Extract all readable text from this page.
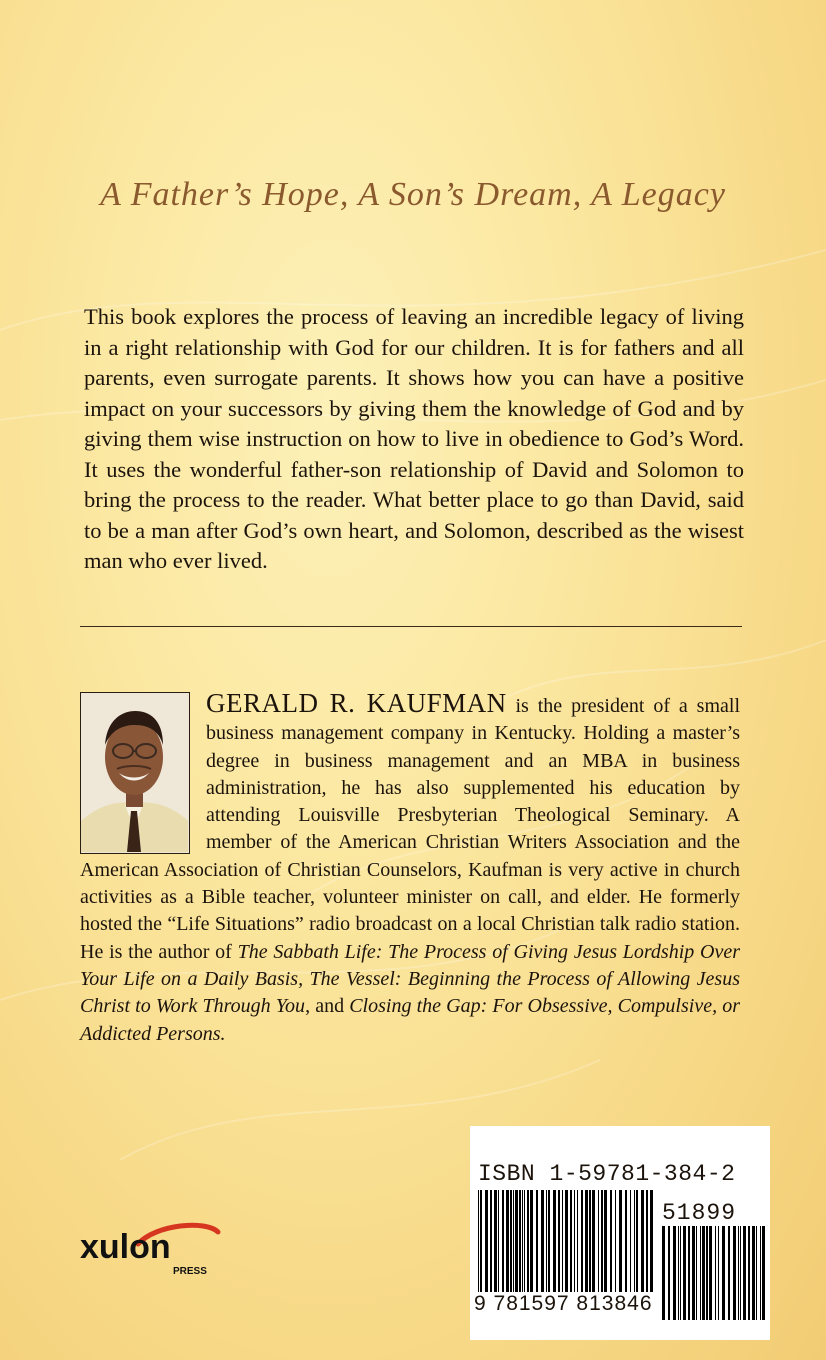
A Father’s Hope, A Son’s Dream, A Legacy

This book explores the process of leaving an incredible legacy of living in a right relationship with God for our children. It is for fathers and all parents, even surrogate parents. It shows how you can have a positive impact on your successors by giving them the knowledge of God and by giving them wise instruction on how to live in obedience to God’s Word. It uses the wonderful father-son relationship of David and Solomon to bring the process to the reader. What better place to go than David, said to be a man after God’s own heart, and Solomon, described as the wisest man who ever lived.

GERALD R. KAUFMAN is the president of a small business management company in Kentucky. Holding a master’s degree in business management and an MBA in business administration, he has also supplemented his education by attending Louisville Presbyterian Theological Seminary. A member of the American Christian Writers Association and the American Association of Christian Counselors, Kaufman is very active in church activities as a Bible teacher, volunteer minister on call, and elder. He formerly hosted the “Life Situations” radio broadcast on a local Christian talk radio station. He is the author of The Sabbath Life: The Process of Giving Jesus Lordship Over Your Life on a Daily Basis, The Vessel: Beginning the Process of Allowing Jesus Christ to Work Through You, and Closing the Gap: For Obsessive, Compulsive, or Addicted Persons.

xulon
PRESS
ISBN 1-59781-384-2
51899
9 781597 813846
